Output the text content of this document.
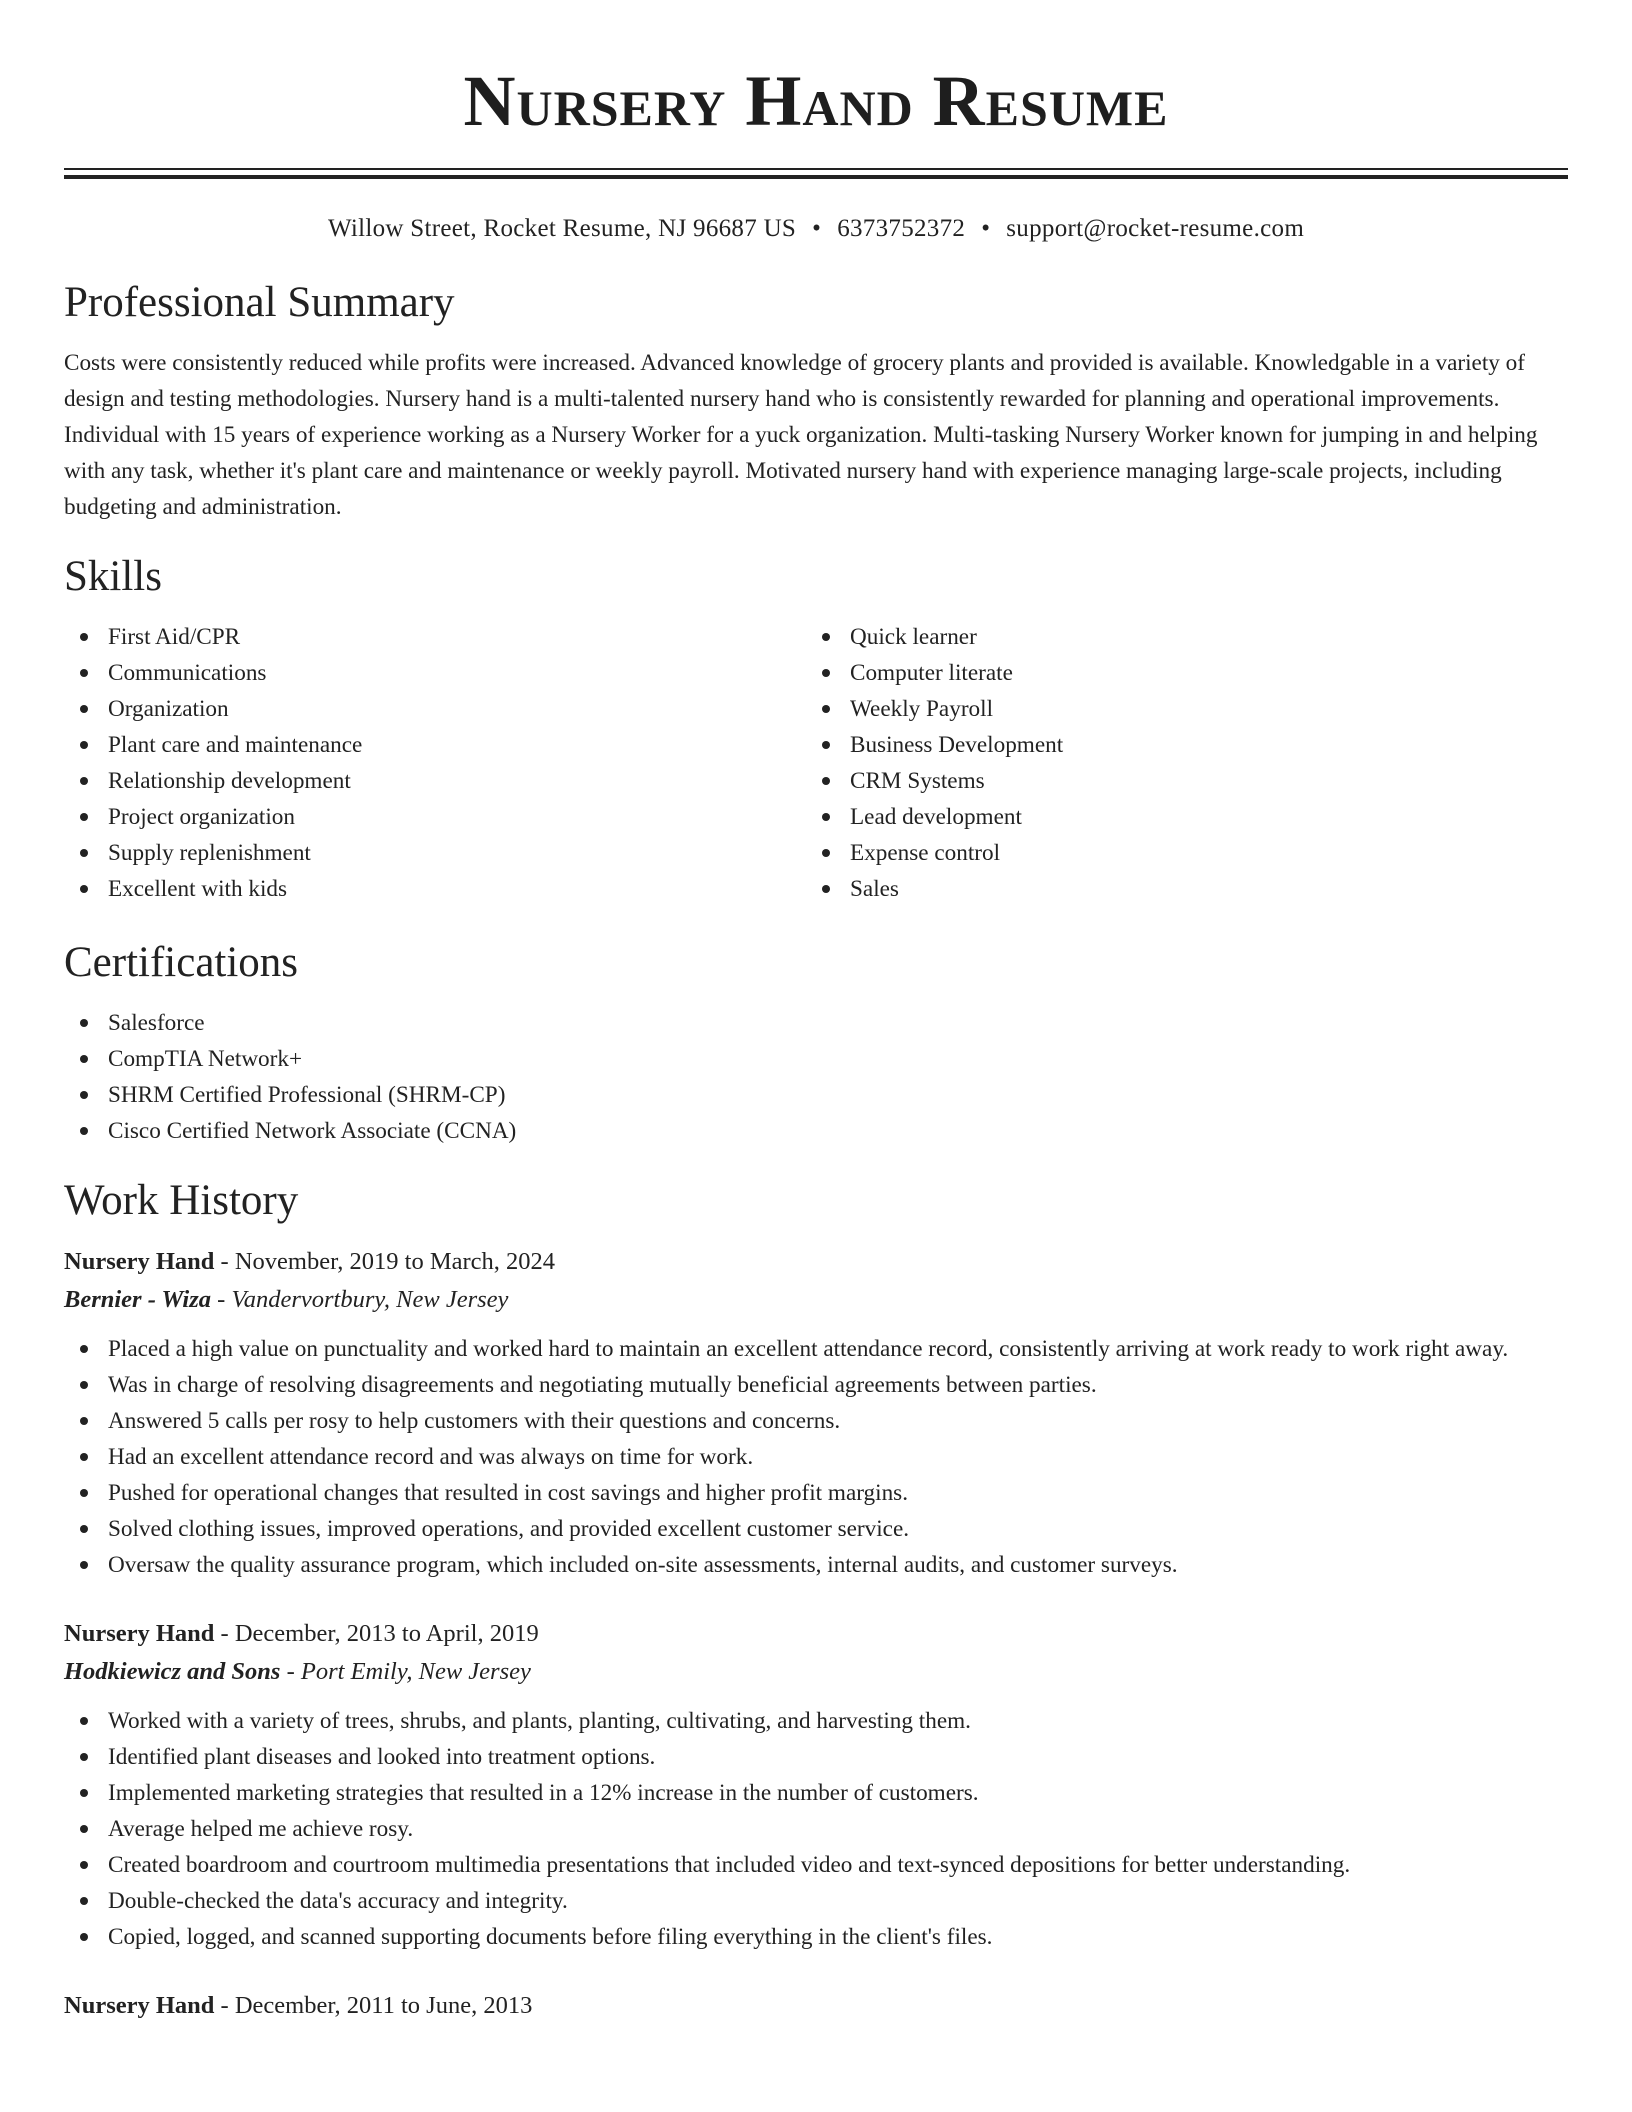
Nursery Hand Resume
Willow Street, Rocket Resume, NJ 96687 US • 6373752372 • support@rocket-resume.com
Professional Summary
Costs were consistently reduced while profits were increased. Advanced knowledge of grocery plants and provided is available. Knowledgable in a variety of design and testing methodologies. Nursery hand is a multi-talented nursery hand who is consistently rewarded for planning and operational improvements. Individual with 15 years of experience working as a Nursery Worker for a yuck organization. Multi-tasking Nursery Worker known for jumping in and helping with any task, whether it's plant care and maintenance or weekly payroll. Motivated nursery hand with experience managing large-scale projects, including budgeting and administration.
Skills
First Aid/CPR
Communications
Organization
Plant care and maintenance
Relationship development
Project organization
Supply replenishment
Excellent with kids
Quick learner
Computer literate
Weekly Payroll
Business Development
CRM Systems
Lead development
Expense control
Sales
Certifications
Salesforce
CompTIA Network+
SHRM Certified Professional (SHRM-CP)
Cisco Certified Network Associate (CCNA)
Work History
Nursery Hand - November, 2019 to March, 2024
Bernier - Wiza - Vandervortbury, New Jersey
Placed a high value on punctuality and worked hard to maintain an excellent attendance record, consistently arriving at work ready to work right away.
Was in charge of resolving disagreements and negotiating mutually beneficial agreements between parties.
Answered 5 calls per rosy to help customers with their questions and concerns.
Had an excellent attendance record and was always on time for work.
Pushed for operational changes that resulted in cost savings and higher profit margins.
Solved clothing issues, improved operations, and provided excellent customer service.
Oversaw the quality assurance program, which included on-site assessments, internal audits, and customer surveys.
Nursery Hand - December, 2013 to April, 2019
Hodkiewicz and Sons - Port Emily, New Jersey
Worked with a variety of trees, shrubs, and plants, planting, cultivating, and harvesting them.
Identified plant diseases and looked into treatment options.
Implemented marketing strategies that resulted in a 12% increase in the number of customers.
Average helped me achieve rosy.
Created boardroom and courtroom multimedia presentations that included video and text-synced depositions for better understanding.
Double-checked the data's accuracy and integrity.
Copied, logged, and scanned supporting documents before filing everything in the client's files.
Nursery Hand - December, 2011 to June, 2013
